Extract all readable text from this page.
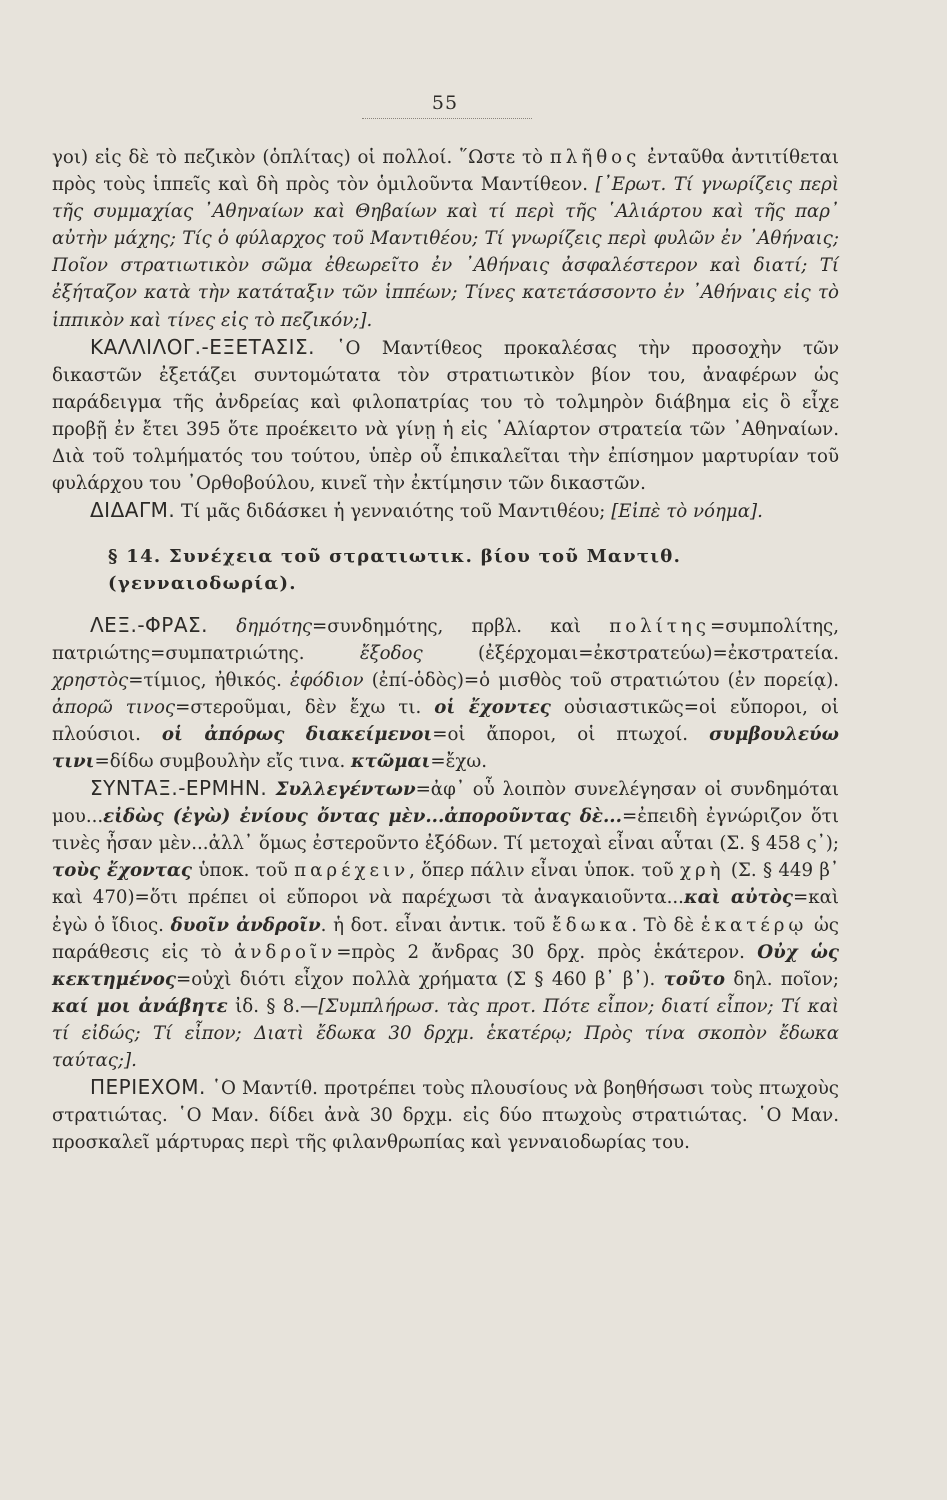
55

γοι) εἰς δὲ τὸ πεζικὸν (ὁπλίτας) οἱ πολλοί. ῞Ωστε τὸ πλῆθος ἐνταῦθα ἀντιτίθεται πρὸς τοὺς ἱππεῖς καὶ δὴ πρὸς τὸν ὁμιλοῦντα Μαντίθεον. [᾿Ερωτ. Τί γνωρίζεις περὶ τῆς συμμαχίας ᾿Αθηναίων καὶ Θηβαίων καὶ τί περὶ τῆς ῾Αλιάρτου καὶ τῆς παρ᾿ αὐτὴν μάχης; Τίς ὁ φύλαρχος τοῦ Μαντιθέου; Τί γνωρίζεις περὶ φυλῶν ἐν ᾿Αθήναις; Ποῖον στρατιωτικὸν σῶμα ἐθεωρεῖτο ἐν ᾿Αθήναις ἀσφαλέστερον καὶ διατί; Τί ἐξήταζον κατὰ τὴν κατάταξιν τῶν ἱππέων; Τίνες κατετάσσοντο ἐν ᾿Αθήναις εἰς τὸ ἱππικὸν καὶ τίνες εἰς τὸ πεζικόν;].

ΚΑΛΛΙΛΟΓ.-ΕΞΕΤΑΣΙΣ. ῾Ο Μαντίθεος προκαλέσας τὴν προσοχὴν τῶν δικαστῶν ἐξετάζει συντομώτατα τὸν στρατιωτικὸν βίον του, ἀναφέρων ὡς παράδειγμα τῆς ἀνδρείας καὶ φιλοπατρίας του τὸ τολμηρὸν διάβημα εἰς ὃ εἶχε προβῇ ἐν ἔτει 395 ὅτε προέκειτο νὰ γίνῃ ἡ εἰς ῾Αλίαρτον στρατεία τῶν ᾿Αθηναίων. Διὰ τοῦ τολμήματός του τούτου, ὑπὲρ οὗ ἐπικαλεῖται τὴν ἐπίσημον μαρτυρίαν τοῦ φυλάρχου του ᾿Ορθοβούλου, κινεῖ τὴν ἐκτίμησιν τῶν δικαστῶν.

ΔΙΔΑΓΜ. Τί μᾶς διδάσκει ἡ γενναιότης τοῦ Μαντιθέου; [Εἰπὲ τὸ νόημα].

§ 14. Συνέχεια τοῦ στρατιωτικ. βίου τοῦ Μαντιθ. (γενναιοδωρία).

ΛΕΞ.-ΦΡΑΣ. δημότης=συνδημότης, πρβλ. καὶ πολίτης=συμπολίτης, πατριώτης=συμπατριώτης. ἔξοδος (ἐξέρχομαι=ἐκστρατεύω)=ἐκστρατεία. χρηστὸς=τίμιος, ἠθικός. ἐφόδιον (ἐπί-ὁδὸς)=ὁ μισθὸς τοῦ στρατιώτου (ἐν πορείᾳ). ἀπορῶ τινος=στεροῦμαι, δὲν ἔχω τι. οἱ ἔχοντες οὐσιαστικῶς=οἱ εὔποροι, οἱ πλούσιοι. οἱ ἀπόρως διακείμενοι=οἱ ἄποροι, οἱ πτωχοί. συμβουλεύω τινι=δίδω συμβουλὴν εἴς τινα. κτῶμαι=ἔχω.

ΣΥΝΤΑΞ.-ΕΡΜΗΝ. Συλλεγέντων=ἀφ᾿ οὗ λοιπὸν συνελέγησαν οἱ συνδημόται μου...εἰδὼς (ἐγὼ) ἐνίους ὄντας μὲν...ἀποροῦντας δὲ...=ἐπειδὴ ἐγνώριζον ὅτι τινὲς ἦσαν μὲν...ἀλλ᾿ ὅμως ἐστεροῦντο ἐξόδων. Τί μετοχαὶ εἶναι αὗται (Σ. § 458 ς᾿); τοὺς ἔχοντας ὑποκ. τοῦ παρέχειν, ὅπερ πάλιν εἶναι ὑποκ. τοῦ χρὴ (Σ. § 449 β᾿ καὶ 470)=ὅτι πρέπει οἱ εὔποροι νὰ παρέχωσι τὰ ἀναγκαιοῦντα...καὶ αὐτὸς=καὶ ἐγὼ ὁ ἴδιος. δυοῖν ἀνδροῖν. ἡ δοτ. εἶναι ἀντικ. τοῦ ἔδωκα. Τὸ δὲ ἑκατέρῳ ὡς παράθεσις εἰς τὸ ἀνδροῖν=πρὸς 2 ἄνδρας 30 δρχ. πρὸς ἑκάτερον. Οὐχ ὡς κεκτημένος=οὐχὶ διότι εἶχον πολλὰ χρήματα (Σ § 460 β᾿ β᾿). τοῦτο δηλ. ποῖον; καί μοι ἀνάβητε ἰδ. § 8.—[Συμπλήρωσ. τὰς προτ. Πότε εἶπον; διατί εἶπον; Τί καὶ τί εἰδώς; Τί εἶπον; Διατὶ ἔδωκα 30 δρχμ. ἑκατέρῳ; Πρὸς τίνα σκοπὸν ἔδωκα ταύτας;].

ΠΕΡΙΕΧΟΜ. ῾Ο Μαντίθ. προτρέπει τοὺς πλουσίους νὰ βοηθήσωσι τοὺς πτωχοὺς στρατιώτας. ῾Ο Μαν. δίδει ἀνὰ 30 δρχμ. εἰς δύο πτωχοὺς στρατιώτας. ῾Ο Μαν. προσκαλεῖ μάρτυρας περὶ τῆς φιλανθρωπίας καὶ γενναιοδωρίας του.
